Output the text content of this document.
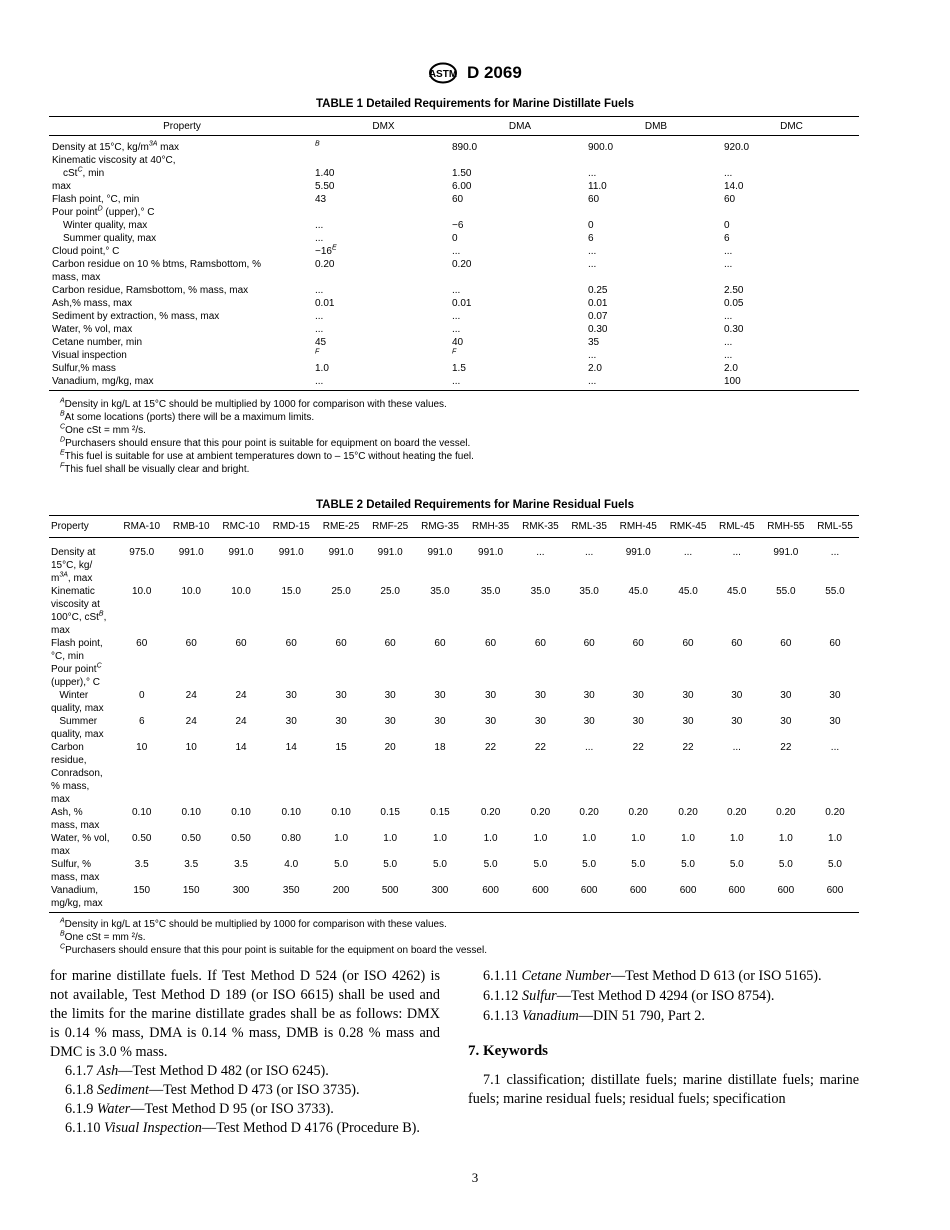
ASTM D 2069
TABLE 1 Detailed Requirements for Marine Distillate Fuels
Property	DMX	DMA	DMB	DMC
Density at 15°C, $kg/m^{3A}$ max	$^B$	890.0	900.0	920.0
Kinematic viscosity at 40°C,				
cSt$^C$, min	1.40	1.50	...	...
max	5.50	6.00	11.0	14.0
Flash point, °C, min	43	60	60	60
Pour point$^D$ (upper),° C				
Winter quality, max	...	−6	0	0
Summer quality, max	...	0	6	6
Cloud point,° C	$-16^E$	...	...	...
Carbon residue on 10 % btms, Ramsbottom, %
mass, max	0.20	0.20	...	...
Carbon residue, Ramsbottom, % mass, max	...	...	0.25	2.50
Ash,% mass, max	0.01	0.01	0.01	0.05
Sediment by extraction, % mass, max	...	...	0.07	...
Water, % vol, max	...	...	0.30	0.30
Cetane number, min	45	40	35	...
Visual inspection	$^F$	$^F$	...	...
Sulfur,% mass	1.0	1.5	2.0	2.0
Vanadium, mg/kg, max	...	...	...	100
$^A$Density in kg/L at 15°C should be multiplied by 1000 for comparison with these values.
$^B$At some locations (ports) there will be a maximum limits.
$^C$One cSt = mm ²/s.
$^D$Purchasers should ensure that this pour point is suitable for equipment on board the vessel.
$^E$This fuel is suitable for use at ambient temperatures down to – 15°C without heating the fuel.
$^F$This fuel shall be visually clear and bright.
TABLE 2 Detailed Requirements for Marine Residual Fuels
Property	RMA-10	RMB-10	RMC-10	RMD-15	RME-25	RMF-25	RMG-35	RMH-35	RMK-35	RML-35	RMH-45	RMK-45	RML-45	RMH-55	RML-55
Density at
15°C, kg/
$m^{3A}$, max	975.0	991.0	991.0	991.0	991.0	991.0	991.0	991.0	...	...	991.0	...	...	991.0	...
Kinematic
viscosity at
100°C, cSt$^B$,
max	10.0	10.0	10.0	15.0	25.0	25.0	35.0	35.0	35.0	35.0	45.0	45.0	45.0	55.0	55.0
Flash point,
°C, min	60	60	60	60	60	60	60	60	60	60	60	60	60	60	60
Pour point$^C$
(upper),° C
Winter
quality, max	0	24	24	30	30	30	30	30	30	30	30	30	30	30	30
Summer
quality, max	6	24	24	30	30	30	30	30	30	30	30	30	30	30	30
Carbon
residue,
Conradson,
% mass,
max	10	10	14	14	15	20	18	22	22	...	22	22	...	22	...
Ash, %
mass, max	0.10	0.10	0.10	0.10	0.10	0.15	0.15	0.20	0.20	0.20	0.20	0.20	0.20	0.20	0.20
Water, % vol,
max	0.50	0.50	0.50	0.80	1.0	1.0	1.0	1.0	1.0	1.0	1.0	1.0	1.0	1.0	1.0
Sulfur, %
mass, max	3.5	3.5	3.5	4.0	5.0	5.0	5.0	5.0	5.0	5.0	5.0	5.0	5.0	5.0	5.0
Vanadium,
mg/kg, max	150	150	300	350	200	500	300	600	600	600	600	600	600	600	600
$^A$Density in kg/L at 15°C should be multiplied by 1000 for comparison with these values.
$^B$One cSt = mm ²/s.
$^C$Purchasers should ensure that this pour point is suitable for the equipment on board the vessel.

for marine distillate fuels. If Test Method D 524 (or ISO 4262) is not available, Test Method D 189 (or ISO 6615) shall be used and the limits for the marine distillate grades shall be as follows: DMX is 0.14 % mass, DMA is 0.14 % mass, DMB is 0.28 % mass and DMC is 3.0 % mass.

6.1.7 Ash—Test Method D 482 (or ISO 6245).

6.1.8 Sediment—Test Method D 473 (or ISO 3735).

6.1.9 Water—Test Method D 95 (or ISO 3733).

6.1.10 Visual Inspection—Test Method D 4176 (Procedure B).

6.1.11 Cetane Number—Test Method D 613 (or ISO 5165).

6.1.12 Sulfur—Test Method D 4294 (or ISO 8754).

6.1.13 Vanadium—DIN 51 790, Part 2.

7. Keywords

7.1 classification; distillate fuels; marine distillate fuels; marine fuels; marine residual fuels; residual fuels; specification

3
